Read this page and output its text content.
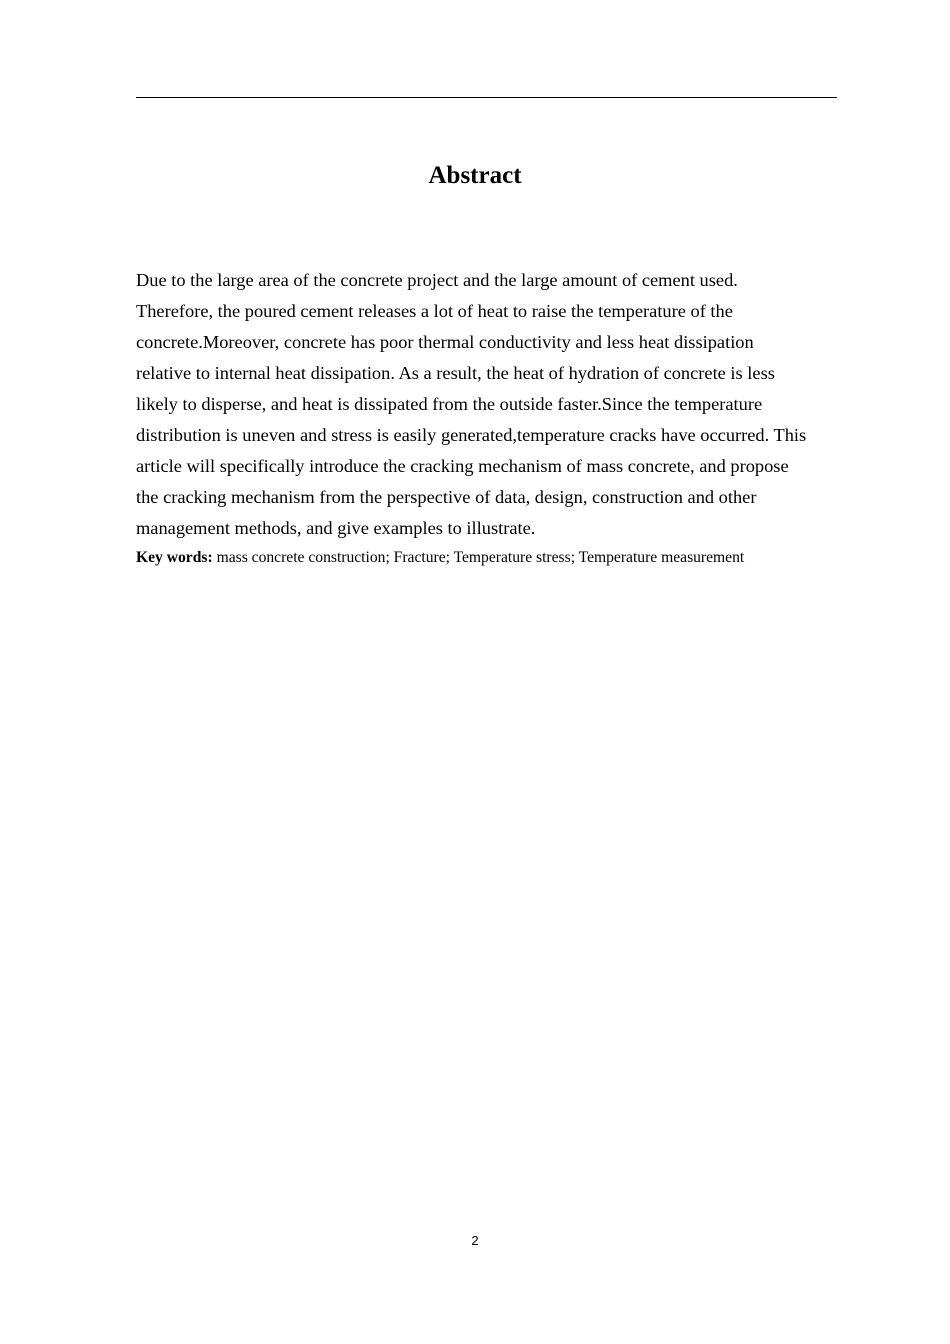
Abstract

Due to the large area of the concrete project and the large amount of cement used.
Therefore, the poured cement releases a lot of heat to raise the temperature of the
concrete.Moreover, concrete has poor thermal conductivity and less heat dissipation
relative to internal heat dissipation. As a result, the heat of hydration of concrete is less
likely to disperse, and heat is dissipated from the outside faster.Since the temperature
distribution is uneven and stress is easily generated,temperature cracks have occurred. This
article will specifically introduce the cracking mechanism of mass concrete, and propose
the cracking mechanism from the perspective of data, design, construction and other
management methods, and give examples to illustrate.

Key words: mass concrete construction; Fracture; Temperature stress; Temperature measurement

2
